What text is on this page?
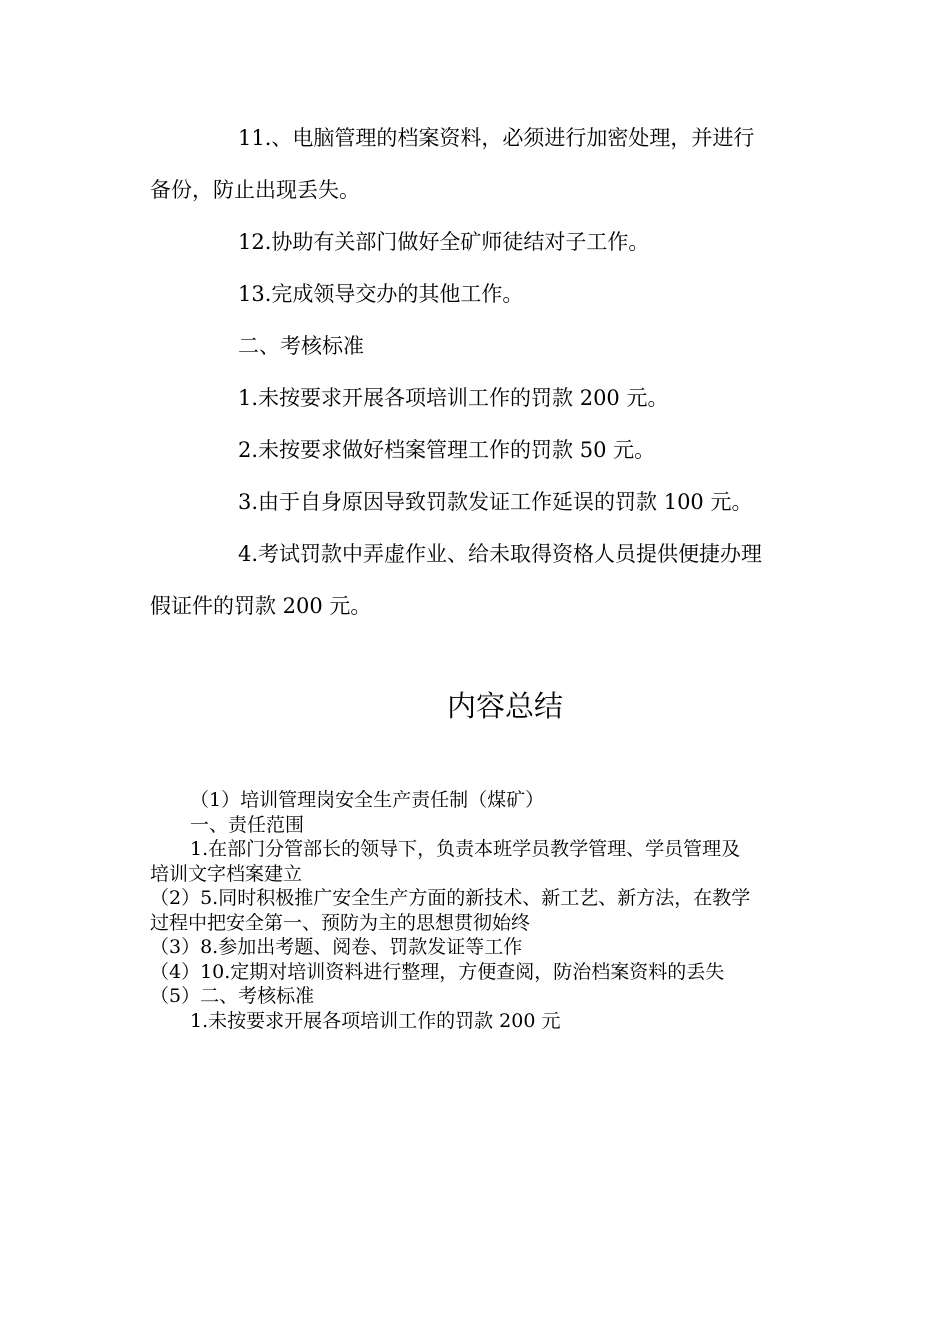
11.、电脑管理的档案资料，必须进行加密处理，并进行

备份，防止出现丢失。

12.协助有关部门做好全矿师徒结对子工作。

13.完成领导交办的其他工作。

二、考核标准

1.未按要求开展各项培训工作的罚款 200 元。

2.未按要求做好档案管理工作的罚款 50 元。

3.由于自身原因导致罚款发证工作延误的罚款 100 元。

4.考试罚款中弄虚作业、给未取得资格人员提供便捷办理

假证件的罚款 200 元。

内容总结

（1）培训管理岗安全生产责任制（煤矿）

一、责任范围

1.在部门分管部长的领导下，负责本班学员教学管理、学员管理及

培训文字档案建立

（2）5.同时积极推广安全生产方面的新技术、新工艺、新方法，在教学

过程中把安全第一、预防为主的思想贯彻始终

（3）8.参加出考题、阅卷、罚款发证等工作

（4）10.定期对培训资料进行整理，方便查阅，防治档案资料的丢失

（5）二、考核标准

1.未按要求开展各项培训工作的罚款 200 元
